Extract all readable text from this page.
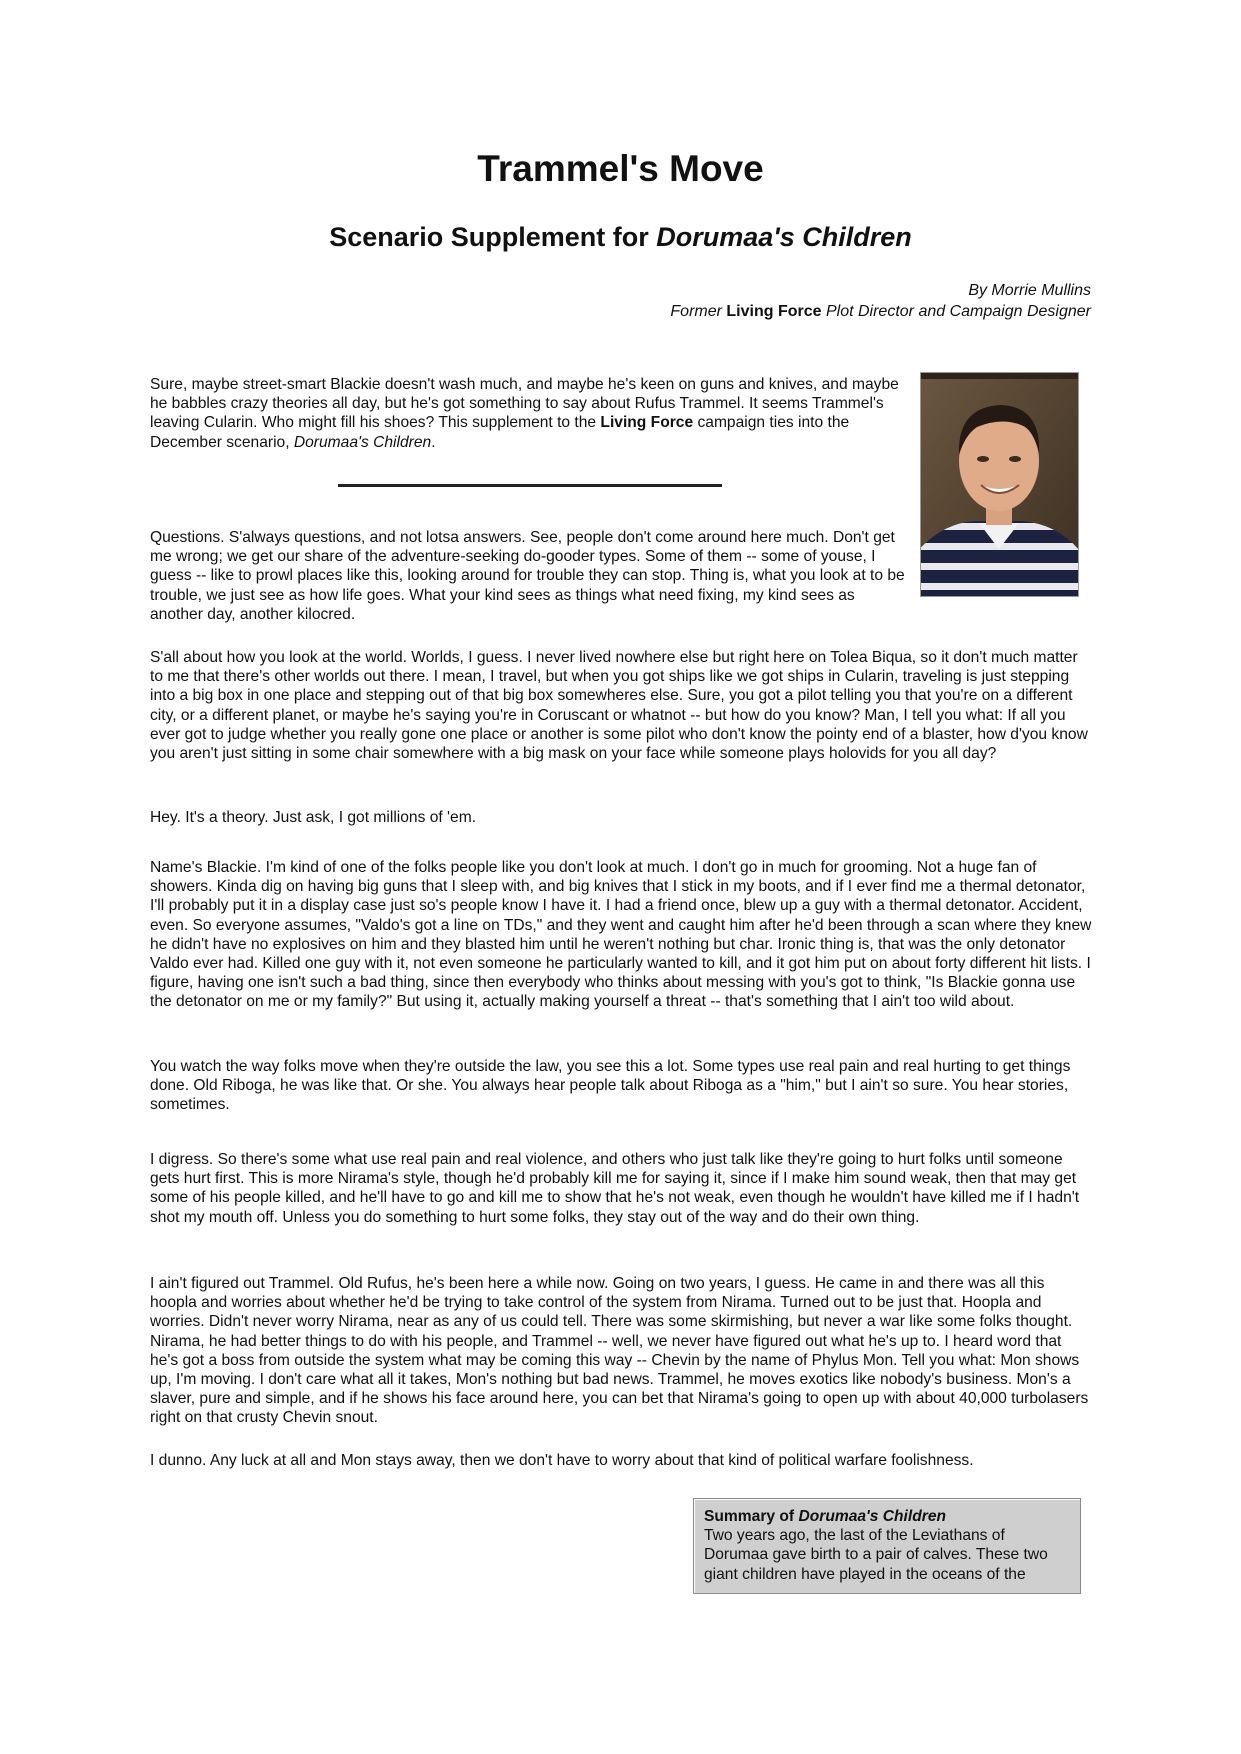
Trammel's Move
Scenario Supplement for Dorumaa's Children
By Morrie Mullins
Former Living Force Plot Director and Campaign Designer

Sure, maybe street-smart Blackie doesn't wash much, and maybe he's keen on guns and knives, and maybe he babbles crazy theories all day, but he's got something to say about Rufus Trammel. It seems Trammel's leaving Cularin. Who might fill his shoes? This supplement to the Living Force campaign ties into the December scenario, Dorumaa's Children.

Questions. S'always questions, and not lotsa answers. See, people don't come around here much. Don't get me wrong; we get our share of the adventure-seeking do-gooder types. Some of them -- some of youse, I guess -- like to prowl places like this, looking around for trouble they can stop. Thing is, what you look at to be trouble, we just see as how life goes. What your kind sees as things what need fixing, my kind sees as another day, another kilocred.

S'all about how you look at the world. Worlds, I guess. I never lived nowhere else but right here on Tolea Biqua, so it don't much matter to me that there's other worlds out there. I mean, I travel, but when you got ships like we got ships in Cularin, traveling is just stepping into a big box in one place and stepping out of that big box somewheres else. Sure, you got a pilot telling you that you're on a different city, or a different planet, or maybe he's saying you're in Coruscant or whatnot -- but how do you know? Man, I tell you what: If all you ever got to judge whether you really gone one place or another is some pilot who don't know the pointy end of a blaster, how d'you know you aren't just sitting in some chair somewhere with a big mask on your face while someone plays holovids for you all day?

Hey. It's a theory. Just ask, I got millions of 'em.

Name's Blackie. I'm kind of one of the folks people like you don't look at much. I don't go in much for grooming. Not a huge fan of showers. Kinda dig on having big guns that I sleep with, and big knives that I stick in my boots, and if I ever find me a thermal detonator, I'll probably put it in a display case just so's people know I have it. I had a friend once, blew up a guy with a thermal detonator. Accident, even. So everyone assumes, "Valdo's got a line on TDs," and they went and caught him after he'd been through a scan where they knew he didn't have no explosives on him and they blasted him until he weren't nothing but char. Ironic thing is, that was the only detonator Valdo ever had. Killed one guy with it, not even someone he particularly wanted to kill, and it got him put on about forty different hit lists. I figure, having one isn't such a bad thing, since then everybody who thinks about messing with you's got to think, "Is Blackie gonna use the detonator on me or my family?" But using it, actually making yourself a threat -- that's something that I ain't too wild about.

You watch the way folks move when they're outside the law, you see this a lot. Some types use real pain and real hurting to get things done. Old Riboga, he was like that. Or she. You always hear people talk about Riboga as a "him," but I ain't so sure. You hear stories, sometimes.

I digress. So there's some what use real pain and real violence, and others who just talk like they're going to hurt folks until someone gets hurt first. This is more Nirama's style, though he'd probably kill me for saying it, since if I make him sound weak, then that may get some of his people killed, and he'll have to go and kill me to show that he's not weak, even though he wouldn't have killed me if I hadn't shot my mouth off. Unless you do something to hurt some folks, they stay out of the way and do their own thing.

I ain't figured out Trammel. Old Rufus, he's been here a while now. Going on two years, I guess. He came in and there was all this hoopla and worries about whether he'd be trying to take control of the system from Nirama. Turned out to be just that. Hoopla and worries. Didn't never worry Nirama, near as any of us could tell. There was some skirmishing, but never a war like some folks thought. Nirama, he had better things to do with his people, and Trammel -- well, we never have figured out what he's up to. I heard word that he's got a boss from outside the system what may be coming this way -- Chevin by the name of Phylus Mon. Tell you what: Mon shows up, I'm moving. I don't care what all it takes, Mon's nothing but bad news. Trammel, he moves exotics like nobody's business. Mon's a slaver, pure and simple, and if he shows his face around here, you can bet that Nirama's going to open up with about 40,000 turbolasers right on that crusty Chevin snout.

I dunno. Any luck at all and Mon stays away, then we don't have to worry about that kind of political warfare foolishness.

Summary of Dorumaa's Children
Two years ago, the last of the Leviathans of Dorumaa gave birth to a pair of calves. These two giant children have played in the oceans of the
